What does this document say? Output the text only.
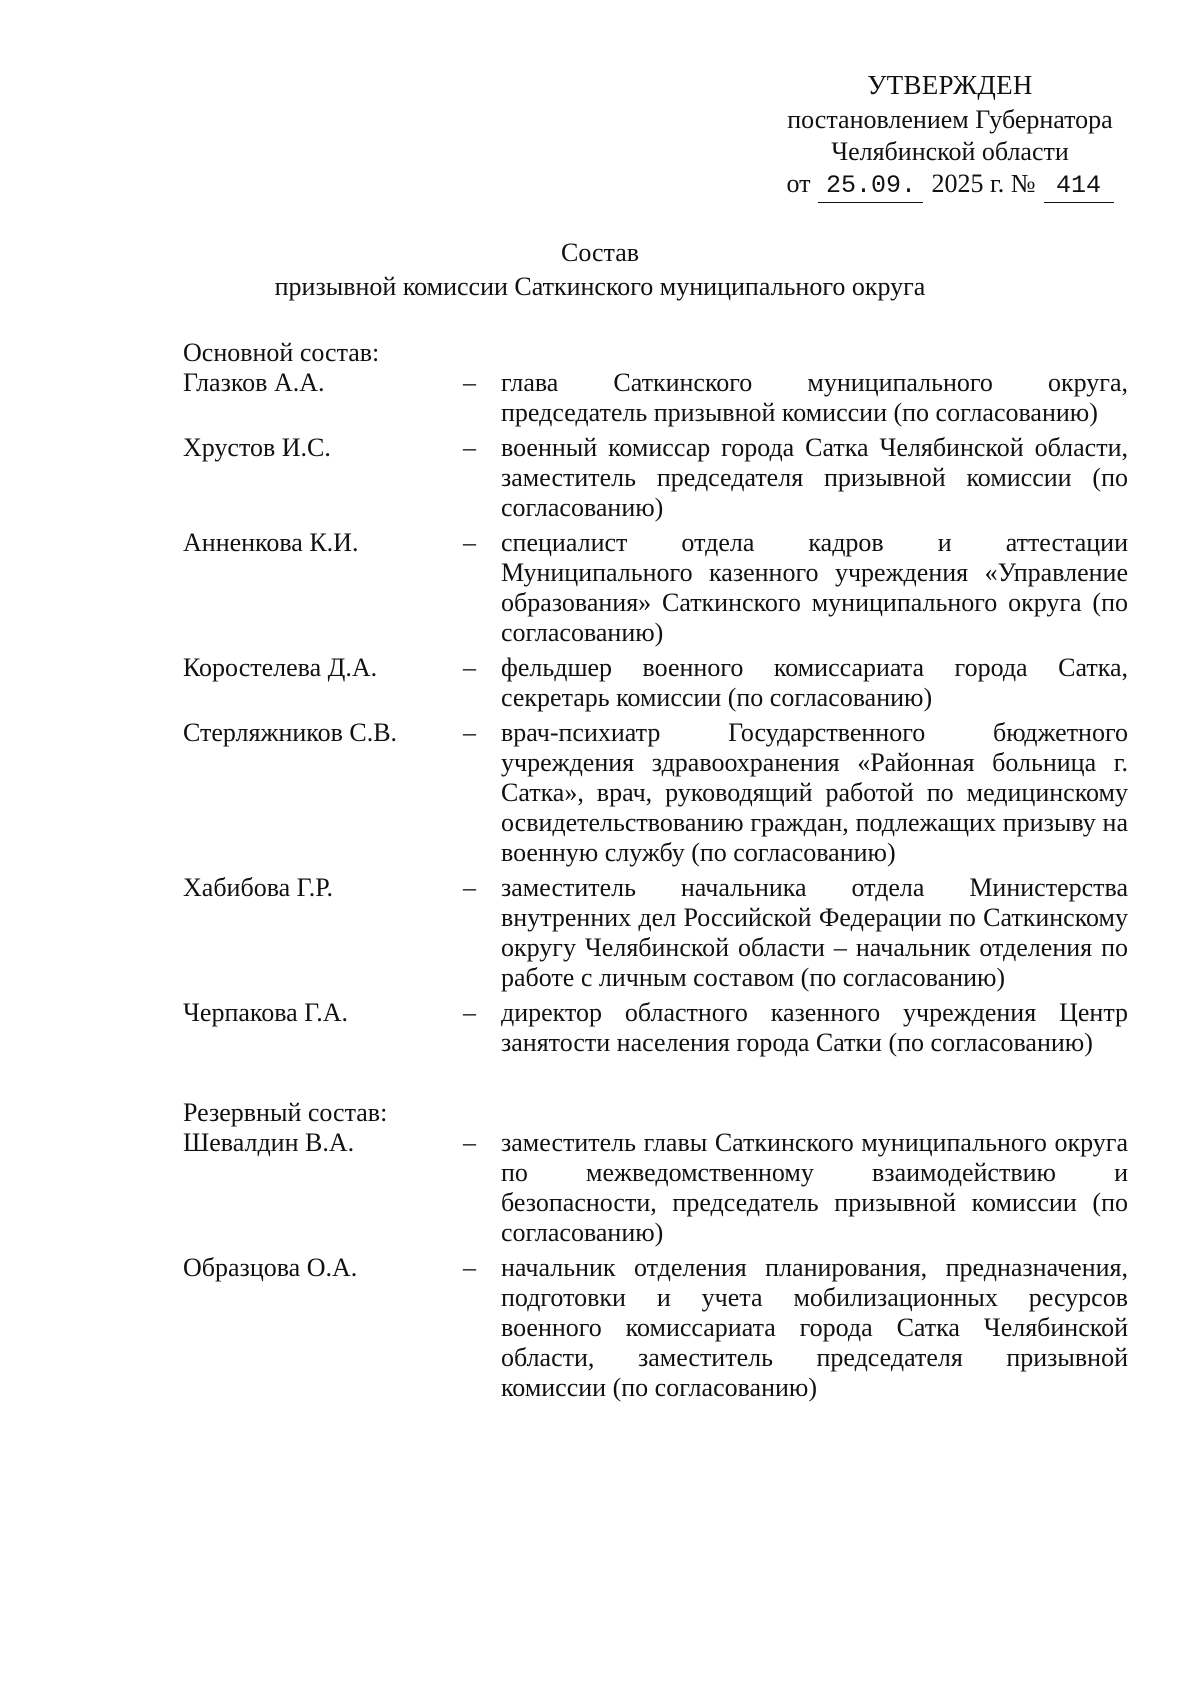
УТВЕРЖДЕН
постановлением Губернатора
Челябинской области
от 25.09. 2025 г. № 414
Состав
призывной комиссии Саткинского муниципального округа

Основной состав:

Глазков А.А.	– глава Саткинского муниципального округа, председатель призывной комиссии (по согласованию)
Хрустов И.С.	– военный комиссар города Сатка Челябинской области, заместитель председателя призывной комиссии (по согласованию)
Анненкова К.И.	– специалист отдела кадров и аттестации Муниципального казенного учреждения «Управление образования» Саткинского муниципального округа (по согласованию)
Коростелева Д.А.	– фельдшер военного комиссариата города Сатка, секретарь комиссии (по согласованию)
Стерляжников С.В.	– врач-психиатр Государственного бюджетного учреждения здравоохранения «Районная больница г. Сатка», врач, руководящий работой по медицинскому освидетельствованию граждан, подлежащих призыву на военную службу (по согласованию)
Хабибова Г.Р.	– заместитель начальника отдела Министерства внутренних дел Российской Федерации по Саткинскому округу Челябинской области – начальник отделения по работе с личным составом (по согласованию)
Черпакова Г.А.	– директор областного казенного учреждения Центр занятости населения города Сатки (по согласованию)

Резервный состав:

Шевалдин В.А.	– заместитель главы Саткинского муниципального округа по межведомственному взаимодействию и безопасности, председатель призывной комиссии (по согласованию)
Образцова О.А.	– начальник отделения планирования, предназначения, подготовки и учета мобилизационных ресурсов военного комиссариата города Сатка Челябинской области, заместитель председателя призывной комиссии (по согласованию)
